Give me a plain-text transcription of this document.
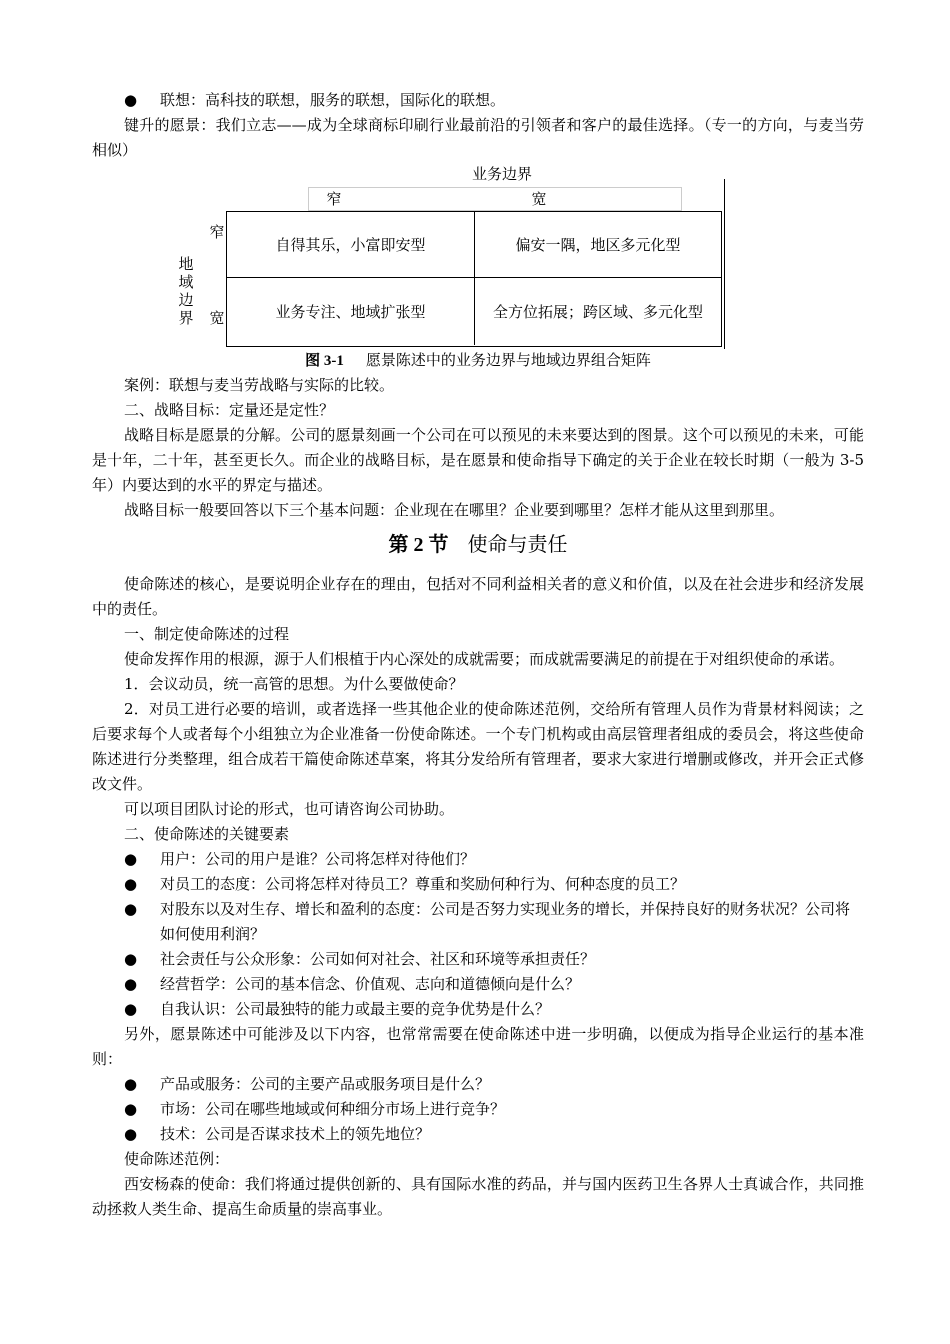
● 联想：高科技的联想，服务的联想，国际化的联想。

键升的愿景：我们立志——成为全球商标印刷行业最前沿的引领者和客户的最佳选择。（专一的方向，与麦当劳相似）

业务边界
窄	宽
地域边界
窄
宽
自得其乐，小富即安型	偏安一隅，地区多元化型
业务专注、地域扩张型	全方位拓展；跨区域、多元化型
图 3-1 愿景陈述中的业务边界与地域边界组合矩阵

案例：联想与麦当劳战略与实际的比较。

二、战略目标：定量还是定性？

战略目标是愿景的分解。公司的愿景刻画一个公司在可以预见的未来要达到的图景。这个可以预见的未来，可能是十年，二十年，甚至更长久。而企业的战略目标，是在愿景和使命指导下确定的关于企业在较长时期（一般为 3-5 年）内要达到的水平的界定与描述。

战略目标一般要回答以下三个基本问题：企业现在在哪里？企业要到哪里？怎样才能从这里到那里。

第 2 节 使命与责任

使命陈述的核心，是要说明企业存在的理由，包括对不同利益相关者的意义和价值，以及在社会进步和经济发展中的责任。

一、制定使命陈述的过程

使命发挥作用的根源，源于人们根植于内心深处的成就需要；而成就需要满足的前提在于对组织使命的承诺。

1．会议动员，统一高管的思想。为什么要做使命？

2．对员工进行必要的培训，或者选择一些其他企业的使命陈述范例，交给所有管理人员作为背景材料阅读；之后要求每个人或者每个小组独立为企业准备一份使命陈述。一个专门机构或由高层管理者组成的委员会，将这些使命陈述进行分类整理，组合成若干篇使命陈述草案，将其分发给所有管理者，要求大家进行增删或修改，并开会正式修改文件。

可以项目团队讨论的形式，也可请咨询公司协助。

二、使命陈述的关键要素

● 用户：公司的用户是谁？公司将怎样对待他们？
● 对员工的态度：公司将怎样对待员工？尊重和奖励何种行为、何种态度的员工？
● 对股东以及对生存、增长和盈利的态度：公司是否努力实现业务的增长，并保持良好的财务状况？公司将如何使用利润？
● 社会责任与公众形象：公司如何对社会、社区和环境等承担责任？
● 经营哲学：公司的基本信念、价值观、志向和道德倾向是什么？
● 自我认识：公司最独特的能力或最主要的竞争优势是什么？

另外，愿景陈述中可能涉及以下内容，也常常需要在使命陈述中进一步明确，以便成为指导企业运行的基本准则：

● 产品或服务：公司的主要产品或服务项目是什么？
● 市场：公司在哪些地域或何种细分市场上进行竞争？
● 技术：公司是否谋求技术上的领先地位？

使命陈述范例：

西安杨森的使命：我们将通过提供创新的、具有国际水准的药品，并与国内医药卫生各界人士真诚合作，共同推动拯救人类生命、提高生命质量的崇高事业。
